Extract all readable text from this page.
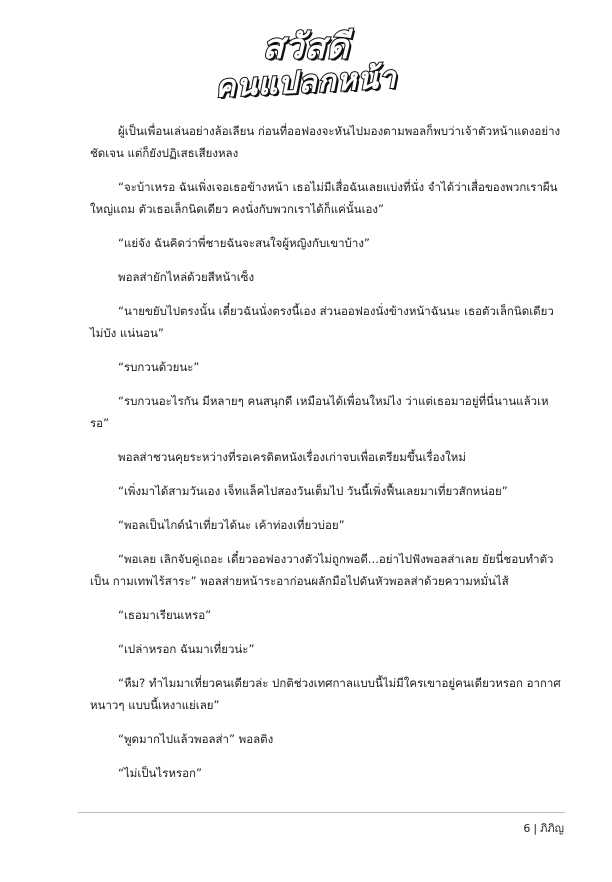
สวัสดี
คนแปลกหน้า

ผู้เป็นเพื่อนเล่นอย่างล้อเลียน ก่อนที่ออฟองจะหันไปมองตามพอลก็พบว่าเจ้าตัวหน้าแดงอย่างชัดเจน แต่ก็ยังปฏิเสธเสียงหลง

“จะบ้าเหรอ ฉันเพิ่งเจอเธอข้างหน้า เธอไม่มีเสื่อฉันเลยแบ่งที่นั่ง จำได้ว่าเสื่อของพวกเราผืนใหญ่แถม ตัวเธอเล็กนิดเดียว คงนั่งกับพวกเราได้ก็แค่นั้นเอง”

“แย่จัง ฉันคิดว่าพี่ชายฉันจะสนใจผู้หญิงกับเขาบ้าง”

พอลส่ายักไหล่ด้วยสีหน้าเซ็ง

“นายขยับไปตรงนั้น เดี๋ยวฉันนั่งตรงนี้เอง ส่วนออฟองนั่งข้างหน้าฉันนะ เธอตัวเล็กนิดเดียว ไม่บัง แน่นอน”

“รบกวนด้วยนะ”

“รบกวนอะไรกัน มีหลายๆ คนสนุกดี เหมือนได้เพื่อนใหม่ไง ว่าแต่เธอมาอยู่ที่นี่นานแล้วเหรอ”

พอลส่าชวนคุยระหว่างที่รอเครดิตหนังเรื่องเก่าจบเพื่อเตรียมขึ้นเรื่องใหม่

“เพิ่งมาได้สามวันเอง เจ็ทแล็คไปสองวันเต็มไป วันนี้เพิ่งฟื้นเลยมาเที่ยวสักหน่อย”

“พอลเป็นไกด์นำเที่ยวได้นะ เค้าท่องเที่ยวบ่อย”

“พอเลย เลิกจับคู่เถอะ เดี๋ยวออฟองวางตัวไม่ถูกพอดี...อย่าไปฟังพอลส่าเลย ยัยนี่ชอบทำตัวเป็น กามเทพไร้สาระ” พอลส่ายหน้าระอาก่อนผลักมือไปดันหัวพอลส่าด้วยความหมั่นไส้

“เธอมาเรียนเหรอ”

“เปล่าหรอก ฉันมาเที่ยวน่ะ”

“หืม? ทำไมมาเที่ยวคนเดียวล่ะ ปกติช่วงเทศกาลแบบนี้ไม่มีใครเขาอยู่คนเดียวหรอก อากาศหนาวๆ แบบนี้เหงาแย่เลย”

“พูดมากไปแล้วพอลส่า” พอลติง

“ไม่เป็นไรหรอก”

6 | ภิภิญ
